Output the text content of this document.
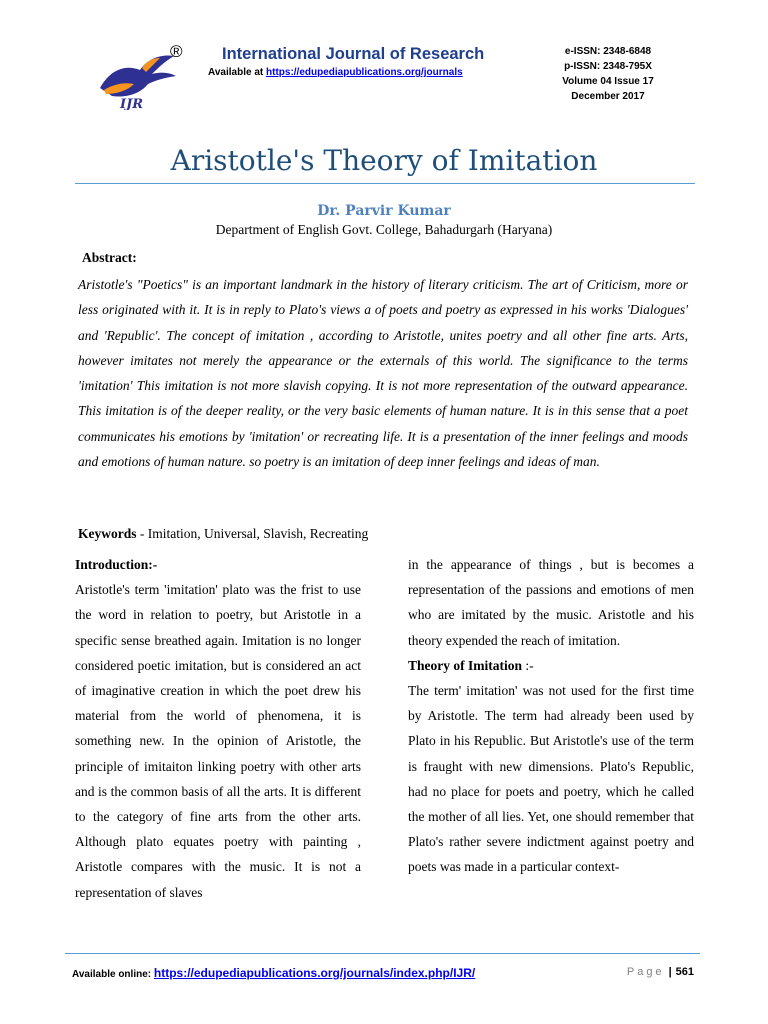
IJR
® International Journal of Research
Available at https://edupediapublications.org/journals
e-ISSN: 2348-6848
p-ISSN: 2348-795X
Volume 04 Issue 17
December 2017
Aristotle's Theory of Imitation
Dr. Parvir Kumar
Department of English Govt. College, Bahadurgarh (Haryana)
Abstract:
Aristotle's "Poetics" is an important landmark in the history of literary criticism. The art of Criticism, more or less originated with it. It is in reply to Plato's views a of poets and poetry as expressed in his works 'Dialogues' and 'Republic'. The concept of imitation , according to Aristotle, unites poetry and all other fine arts. Arts, however imitates not merely the appearance or the externals of this world. The significance to the terms 'imitation' This imitation is not more slavish copying. It is not more representation of the outward appearance. This imitation is of the deeper reality, or the very basic elements of human nature. It is in this sense that a poet communicates his emotions by 'imitation' or recreating life. It is a presentation of the inner feelings and moods and emotions of human nature. so poetry is an imitation of deep inner feelings and ideas of man.
Keywords - Imitation, Universal, Slavish, Recreating

Introduction:-

Aristotle's term 'imitation' plato was the frist to use the word in relation to poetry, but Aristotle in a specific sense breathed again. Imitation is no longer considered poetic imitation, but is considered an act of imaginative creation in which the poet drew his material from the world of phenomena, it is something new. In the opinion of Aristotle, the principle of imitaiton linking poetry with other arts and is the common basis of all the arts. It is different to the category of fine arts from the other arts. Although plato equates poetry with painting , Aristotle compares with the music. It is not a representation of slaves

in the appearance of things , but is becomes a representation of the passions and emotions of men who are imitated by the music. Aristotle and his theory expended the reach of imitation.

Theory of Imitation :-

The term' imitation' was not used for the first time by Aristotle. The term had already been used by Plato in his Republic. But Aristotle's use of the term is fraught with new dimensions. Plato's Republic, had no place for poets and poetry, which he called the mother of all lies. Yet, one should remember that Plato's rather severe indictment against poetry and poets was made in a particular context-

Available online: https://edupediapublications.org/journals/index.php/IJR/	Page | 561
